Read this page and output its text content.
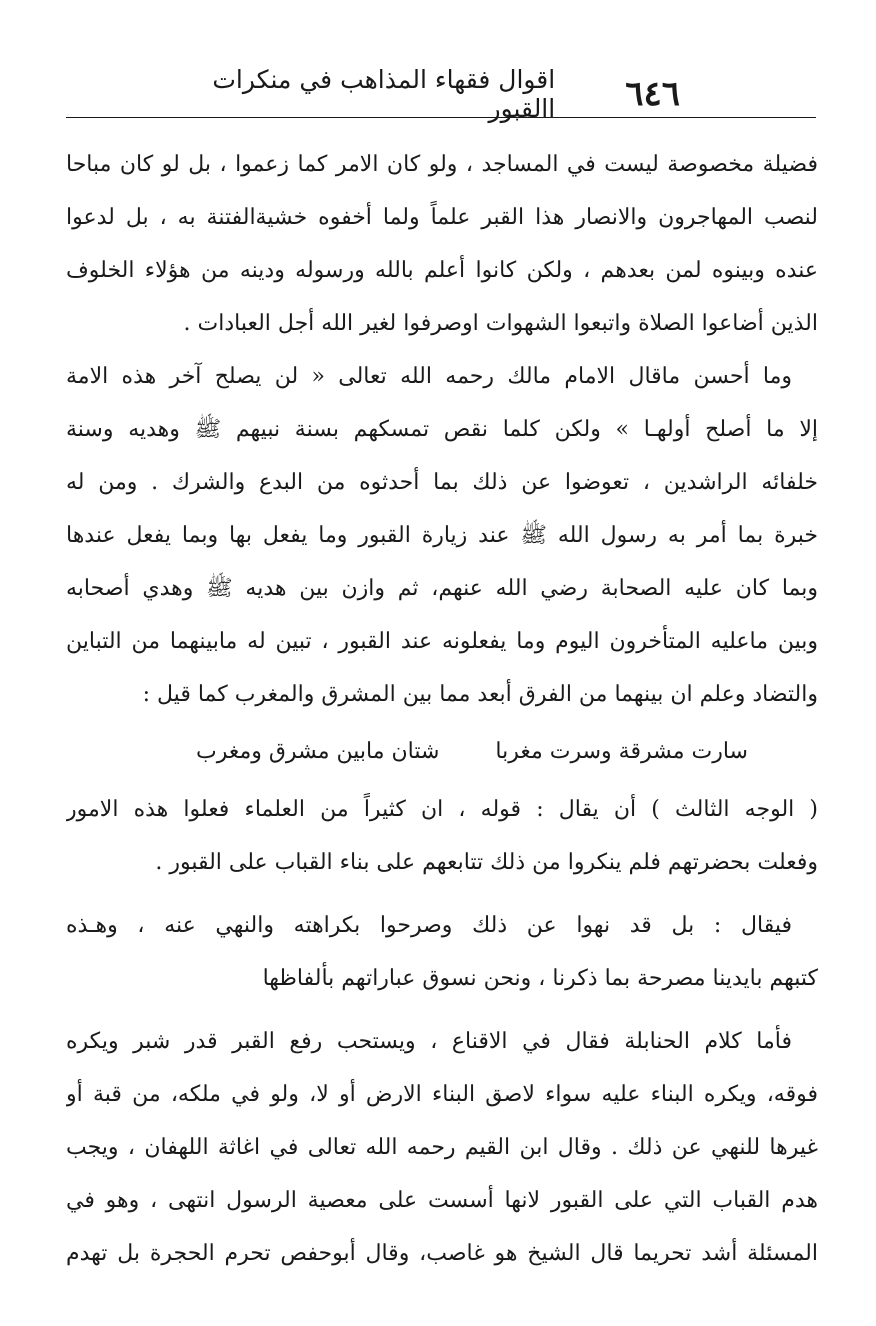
٦٤٦
اقوال فقهاء المذاهب في منكرات االقبور
فضيلة مخصوصة ليست في المساجد ، ولو كان الامر كما زعموا ، بل لو كان مباحا
لنصب المهاجرون والانصار هذا القبر علماً ولما أخفوه خشيةالفتنة به ، بل لدعوا
عنده وبينوه لمن بعدهم ، ولكن كانوا أعلم بالله ورسوله ودينه من هؤلاء الخلوف
الذين أضاعوا الصلاة واتبعوا الشهوات اوصرفوا لغير الله أجل العبادات .
وما أحسن ماقال الامام مالك رحمه الله تعالى « لن يصلح آخر هذه الامة
إلا ما أصلح أولهـا » ولكن كلما نقص تمسكهم بسنة نبيهم ﷺ وهديه وسنة
خلفائه الراشدين ، تعوضوا عن ذلك بما أحدثوه من البدع والشرك . ومن له
خبرة بما أمر به رسول الله ﷺ عند زيارة القبور وما يفعل بها وبما يفعل عندها
وبما كان عليه الصحابة رضي الله عنهم، ثم وازن بين هديه ﷺ وهدي أصحابه
وبين ماعليه المتأخرون اليوم وما يفعلونه عند القبور ، تبين له مابينهما من التباين
والتضاد وعلم ان بينهما من الفرق أبعد مما بين المشرق والمغرب كما قيل :
سارت مشرقة وسرت مغربا
شتان مابين مشرق ومغرب
( الوجه الثالث ) أن يقال : قوله ، ان كثيراً من العلماء فعلوا هذه الامور
وفعلت بحضرتهم فلم ينكروا من ذلك تتابعهم على بناء القباب على القبور .
فيقال : بل قد نهوا عن ذلك وصرحوا بكراهته والنهي عنه ، وهـذه
كتبهم بايدينا مصرحة بما ذكرنا ، ونحن نسوق عباراتهم بألفاظها
فأما كلام الحنابلة فقال في الاقناع ، ويستحب رفع القبر قدر شبر ويكره
فوقه، ويكره البناء عليه سواء لاصق البناء الارض أو لا، ولو في ملكه، من قبة أو
غيرها للنهي عن ذلك . وقال ابن القيم رحمه الله تعالى في اغاثة اللهفان ، ويجب
هدم القباب التي على القبور لانها أسست على معصية الرسول انتهى ، وهو في
المسئلة أشد تحريما قال الشيخ هو غاصب، وقال أبوحفص تحرم الحجرة بل تهدم
